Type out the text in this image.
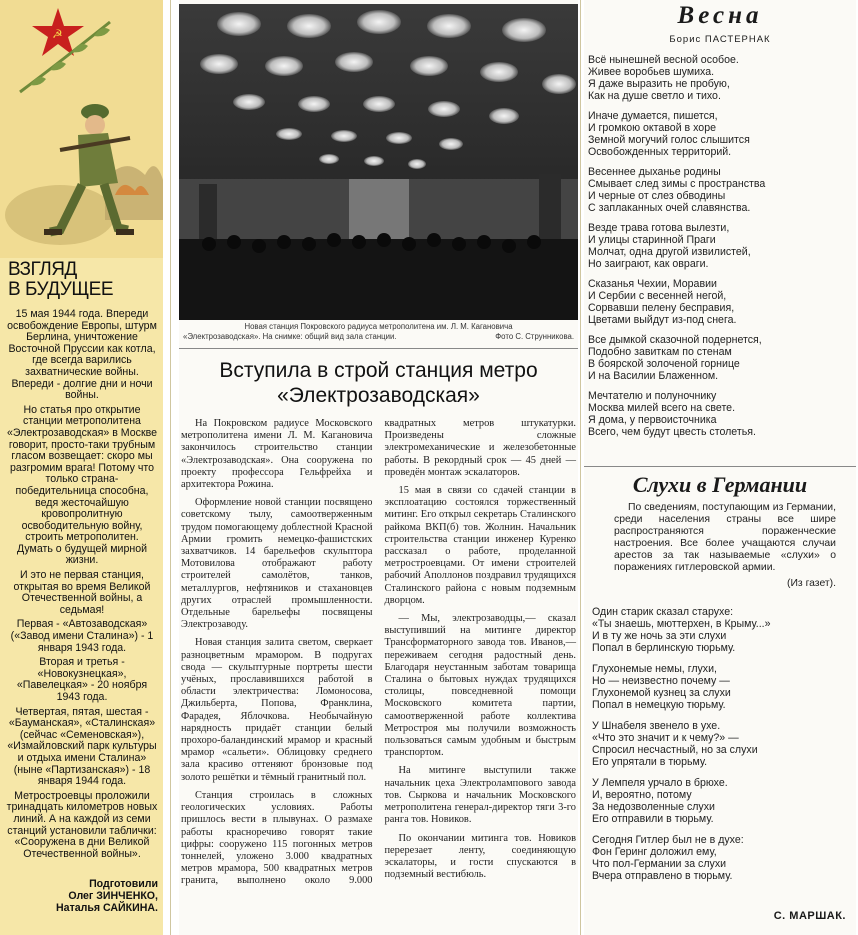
☭
ВЗГЛЯД
В БУДУЩЕЕ

15 мая 1944 года. Впереди освобождение Европы, штурм Берлина, уничтожение Восточной Пруссии как котла, где всегда варились захватнические войны. Впереди - долгие дни и ночи войны.

Но статья про открытие станции метрополитена «Электрозаводская» в Москве говорит, просто-таки трубным гласом возвещает: скоро мы разгромим врага! Потому что только страна-победительница способна, ведя жесточайшую кровопролитную освободительную войну, строить метрополитен. Думать о будущей мирной жизни.

И это не первая станция, открытая во время Великой Отечественной войны, а седьмая!

Первая - «Автозаводская» («Завод имени Сталина») - 1 января 1943 года.

Вторая и третья - «Новокузнецкая», «Павелецкая» - 20 ноября 1943 года.

Четвертая, пятая, шестая - «Бауманская», «Сталинская» (сейчас «Семеновская»), «Измайловский парк культуры и отдыха имени Сталина» (ныне «Партизанская») - 18 января 1944 года.

Метростроевцы проложили тринадцать километров новых линий. А на каждой из семи станций установили таблички: «Сооружена в дни Великой Отечественной войны».

Подготовили
Олег ЗИНЧЕНКО,
Наталья САЙКИНА.
Новая станция Покровского радиуса метрополитена им. Л. М. Кагановича
«Электрозаводская». На снимке: общий вид зала станции.	Фото С. Струнникова.
Вступила в строй станция метро
«Электрозаводская»

На Покровском радиусе Московского метрополитена имени Л. М. Кагановича закончилось строительство станции «Электрозаводская». Она сооружена по проекту профессора Гельфрейха и архитектора Рожина.

Оформление новой станции посвящено советскому тылу, самоотверженным трудом помогающему доблестной Красной Армии громить немецко-фашистских захватчиков. 14 барельефов скульптора Мотовилова отображают работу строителей самолётов, танков, металлургов, нефтяников и стахановцев других отраслей промышленности. Отдельные барельефы посвящены Электрозаводу.

Новая станция залита светом, сверкает разноцветным мрамором. В подругах свода — скульптурные портреты шести учёных, прославившихся работой в области электричества: Ломоносова, Джильберта, Попова, Франклина, Фарадея, Яблочкова. Необычайную нарядность придаёт станции белый прохоро-баландинский мрамор и красный мрамор «сальети». Облицовку среднего зала красиво оттеняют бронзовые под золото решётки и тёмный гранитный пол.

Станция строилась в сложных геологических условиях. Работы пришлось вести в плывунах. О размахе работы красноречиво говорят такие цифры: сооружено 115 погонных метров тоннелей, уложено 3.000 квадратных метров мрамора, 500 квадратных метров гранита, выполнено около 9.000 квадратных метров штукатурки. Произведены сложные электромеханические и железобетонные работы. В рекордный срок — 45 дней — проведён монтаж эскалаторов.

15 мая в связи со сдачей станции в эксплоатацию состоялся торжественный митинг. Его открыл секретарь Сталинского райкома ВКП(б) тов. Жолнин. Начальник строительства станции инженер Куренко рассказал о работе, проделанной метростроевцами. От имени строителей рабочий Аполлонов поздравил трудящихся Сталинского района с новым подземным дворцом.

— Мы, электрозаводцы,— сказал выступивший на митинге директор Трансформаторного завода тов. Иванов,— переживаем сегодня радостный день. Благодаря неустанным заботам товарища Сталина о бытовых нуждах трудящихся столицы, повседневной помощи Московского комитета партии, самоотверженной работе коллектива Метростроя мы получили возможность пользоваться самым удобным и быстрым транспортом.

На митинге выступили также начальник цеха Электролампового завода тов. Сыркова и начальник Московского метрополитена генерал-директор тяги 3-го ранга тов. Новиков.

По окончании митинга тов. Новиков перерезает ленту, соединяющую эскалаторы, и гости спускаются в подземный вестибюль.

Весна
Борис ПАСТЕРНАК
Всё нынешней весной особое.
Живее воробьев шумиха.
Я даже выразить не пробую,
Как на душе светло и тихо.
Иначе думается, пишется,
И громкою октавой в хоре
Земной могучий голос слышится
Освобожденных территорий.
Весеннее дыханье родины
Смывает след зимы с пространства
И черные от слез обводины
С заплаканных очей славянства.
Везде трава готова вылезти,
И улицы старинной Праги
Молчат, одна другой извилистей,
Но заиграют, как овраги.
Сказанья Чехии, Моравии
И Сербии с весенней негой,
Сорвавши пелену бесправия,
Цветами выйдут из-под снега.
Все дымкой сказочной подернется,
Подобно завиткам по стенам
В боярской золоченой горнице
И на Василии Блаженном.
Мечтателю и полуночнику
Москва милей всего на свете.
Я дома, у первоисточника
Всего, чем будут цвесть столетья.
Слухи в Германии

По сведениям, поступающим из Германии, среди населения страны все шире распространяются пораженческие настроения. Все более учащаются случаи арестов за так называемые «слухи» о поражениях гитлеровской армии.

(Из газет).
Один старик сказал старухе:
«Ты знаешь, мюттерхен, в Крыму...»
И в ту же ночь за эти слухи
Попал в берлинскую тюрьму.
Глухонемые немы, глухи,
Но — неизвестно почему —
Глухонемой кузнец за слухи
Попал в немецкую тюрьму.
У Шнабеля звенело в ухе.
«Что это значит и к чему?» —
Спросил несчастный, но за слухи
Его упрятали в тюрьму.
У Лемпеля урчало в брюхе.
И, вероятно, потому
За недозволенные слухи
Его отправили в тюрьму.
Сегодня Гитлер был не в духе:
Фон Геринг доложил ему,
Что пол-Германии за слухи
Вчера отправлено в тюрьму.
С. МАРШАК.
